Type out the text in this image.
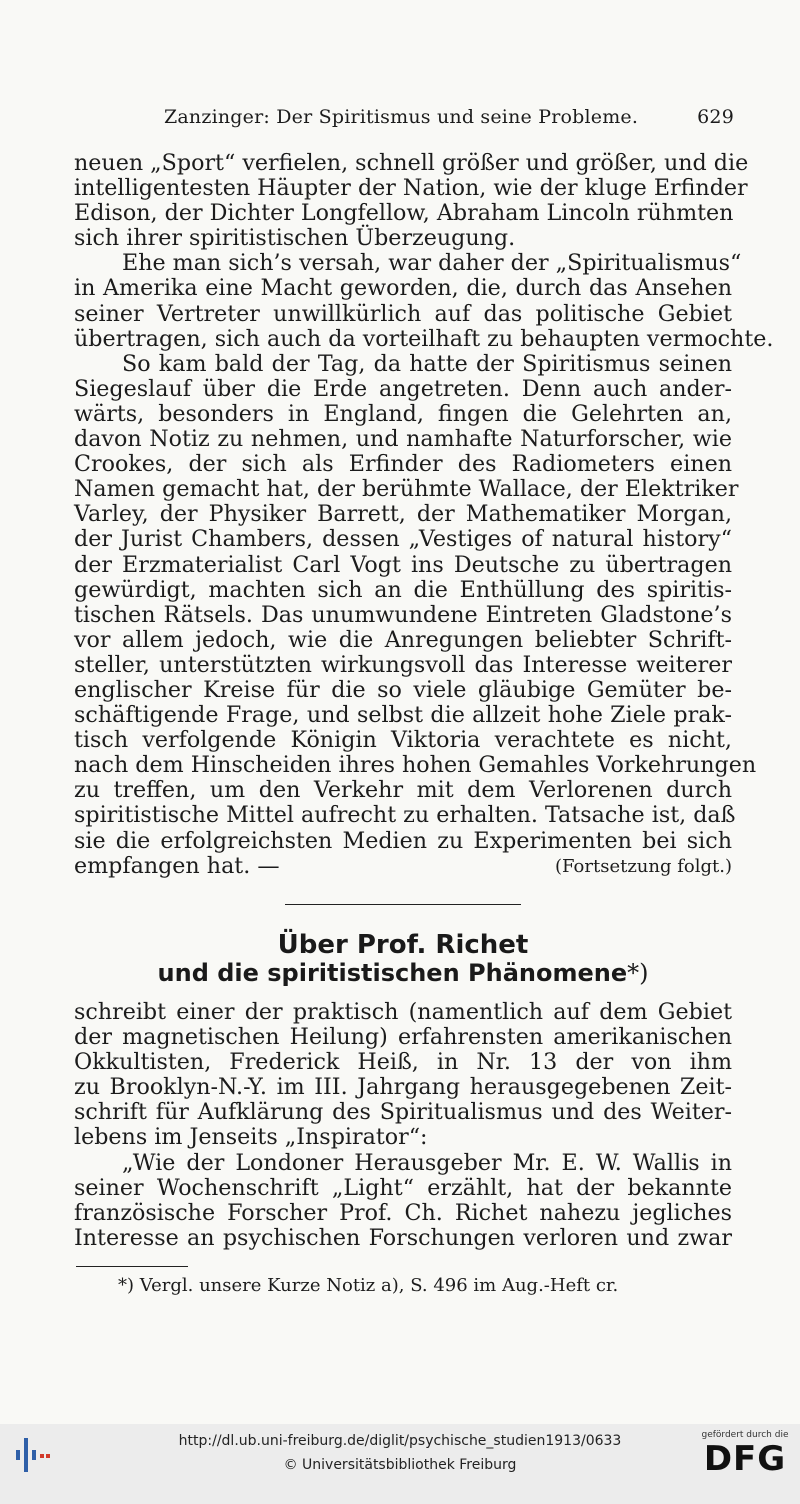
Zanzinger: Der Spiritismus und seine Probleme.	629
neuen „Sport“ verfielen, schnell größer und größer, und die
intelligentesten Häupter der Nation, wie der kluge Erfinder
Edison, der Dichter Longfellow, Abraham Lincoln rühmten
sich ihrer spiritistischen Überzeugung.
Ehe man sich’s versah, war daher der „Spiritualismus“
in Amerika eine Macht geworden, die, durch das Ansehen
seiner Vertreter unwillkürlich auf das politische Gebiet
übertragen, sich auch da vorteilhaft zu behaupten vermochte.
So kam bald der Tag, da hatte der Spiritismus seinen
Siegeslauf über die Erde angetreten. Denn auch ander-
wärts, besonders in England, fingen die Gelehrten an,
davon Notiz zu nehmen, und namhafte Naturforscher, wie
Crookes, der sich als Erfinder des Radiometers einen
Namen gemacht hat, der berühmte Wallace, der Elektriker
Varley, der Physiker Barrett, der Mathematiker Morgan,
der Jurist Chambers, dessen „Vestiges of natural history“
der Erzmaterialist Carl Vogt ins Deutsche zu übertragen
gewürdigt, machten sich an die Enthüllung des spiritis-
tischen Rätsels. Das unumwundene Eintreten Gladstone’s
vor allem jedoch, wie die Anregungen beliebter Schrift-
steller, unterstützten wirkungsvoll das Interesse weiterer
englischer Kreise für die so viele gläubige Gemüter be-
schäftigende Frage, und selbst die allzeit hohe Ziele prak-
tisch verfolgende Königin Viktoria verachtete es nicht,
nach dem Hinscheiden ihres hohen Gemahles Vorkehrungen
zu treffen, um den Verkehr mit dem Verlorenen durch
spiritistische Mittel aufrecht zu erhalten. Tatsache ist, daß
sie die erfolgreichsten Medien zu Experimenten bei sich
empfangen hat. —	(Fortsetzung folgt.)
Über Prof. Richet
und die spiritistischen Phänomene*)
schreibt einer der praktisch (namentlich auf dem Gebiet
der magnetischen Heilung) erfahrensten amerikanischen
Okkultisten, Frederick Heiß, in Nr. 13 der von ihm
zu Brooklyn-N.-Y. im III. Jahrgang herausgegebenen Zeit-
schrift für Aufklärung des Spiritualismus und des Weiter-
lebens im Jenseits „Inspirator“:
„Wie der Londoner Herausgeber Mr. E. W. Wallis in
seiner Wochenschrift „Light“ erzählt, hat der bekannte
französische Forscher Prof. Ch. Richet nahezu jegliches
Interesse an psychischen Forschungen verloren und zwar
*) Vergl. unsere Kurze Notiz a), S. 496 im Aug.-Heft cr.
http://dl.ub.uni-freiburg.de/diglit/psychische_studien1913/0633
© Universitätsbibliothek Freiburg
gefördert durch die
DFG
